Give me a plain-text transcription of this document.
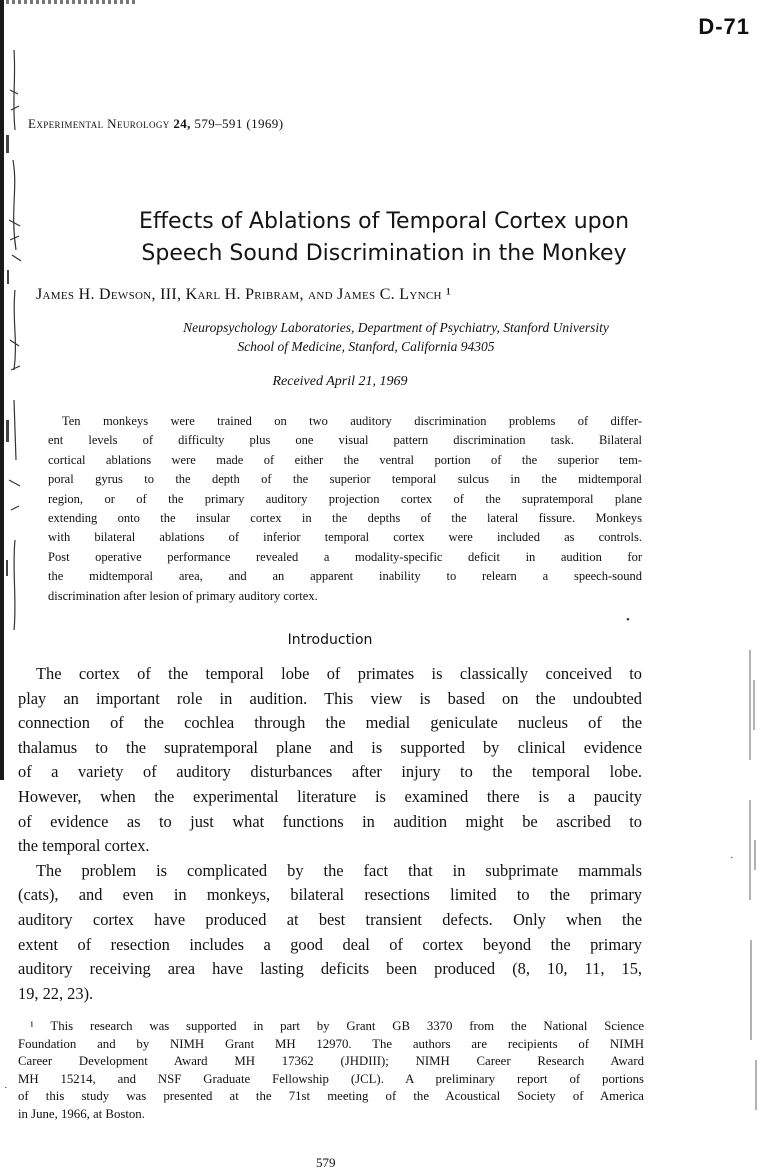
D-71
Experimental Neurology 24, 579–591 (1969)
Effects of Ablations of Temporal Cortex upon
Speech Sound Discrimination in the Monkey
James H. Dewson, III, Karl H. Pribram, and James C. Lynch ¹
Neuropsychology Laboratories, Department of Psychiatry, Stanford University
School of Medicine, Stanford, California 94305
Received April 21, 1969
Ten monkeys were trained on two auditory discrimination problems of differ-
ent levels of difficulty plus one visual pattern discrimination task. Bilateral
cortical ablations were made of either the ventral portion of the superior tem-
poral gyrus to the depth of the superior temporal sulcus in the midtemporal
region, or of the primary auditory projection cortex of the supratemporal plane
extending onto the insular cortex in the depths of the lateral fissure. Monkeys
with bilateral ablations of inferior temporal cortex were included as controls.
Post operative performance revealed a modality-specific deficit in audition for
the midtemporal area, and an apparent inability to relearn a speech-sound
discrimination after lesion of primary auditory cortex.
Introduction
The cortex of the temporal lobe of primates is classically conceived to
play an important role in audition. This view is based on the undoubted
connection of the cochlea through the medial geniculate nucleus of the
thalamus to the supratemporal plane and is supported by clinical evidence
of a variety of auditory disturbances after injury to the temporal lobe.
However, when the experimental literature is examined there is a paucity
of evidence as to just what functions in audition might be ascribed to
the temporal cortex.
The problem is complicated by the fact that in subprimate mammals
(cats), and even in monkeys, bilateral resections limited to the primary
auditory cortex have produced at best transient defects. Only when the
extent of resection includes a good deal of cortex beyond the primary
auditory receiving area have lasting deficits been produced (8, 10, 11, 15,
19, 22, 23).
¹ This research was supported in part by Grant GB 3370 from the National Science
Foundation and by NIMH Grant MH 12970. The authors are recipients of NIMH
Career Development Award MH 17362 (JHDIII); NIMH Career Research Award
MH 15214, and NSF Graduate Fellowship (JCL). A preliminary report of portions
of this study was presented at the 71st meeting of the Acoustical Society of America
in June, 1966, at Boston.
579
•
·
·
